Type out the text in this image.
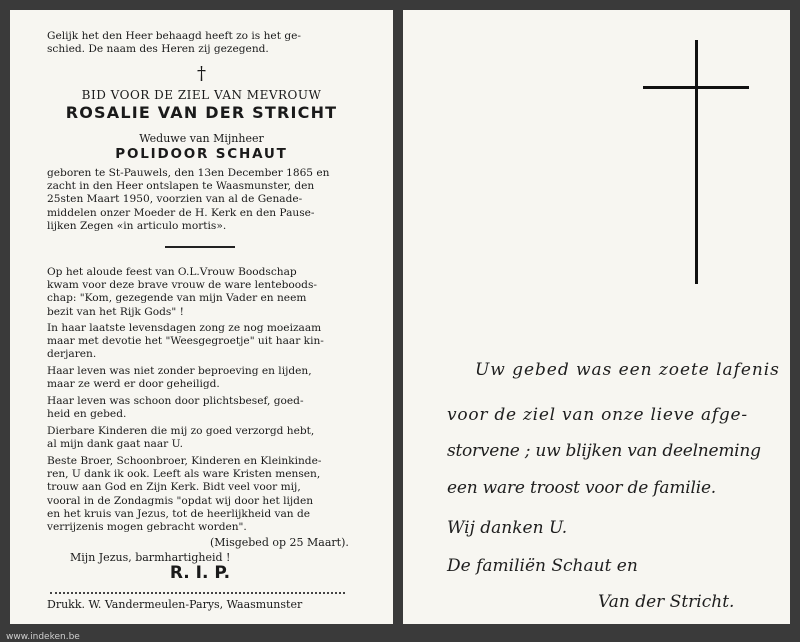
Gelijk het den Heer behaagd heeft zo is het ge-
schied. De naam des Heren zij gezegend.
†
BID VOOR DE ZIEL VAN MEVROUW
ROSALIE VAN DER STRICHT
Weduwe van Mijnheer
POLIDOOR SCHAUT
geboren te St-Pauwels, den 13en December 1865 en
zacht in den Heer ontslapen te Waasmunster, den
25sten Maart 1950, voorzien van al de Genade-
middelen onzer Moeder de H. Kerk en den Pause-
lijken Zegen «in articulo mortis».
Op het aloude feest van O.L.Vrouw Boodschap
kwam voor deze brave vrouw de ware lenteboods-
chap: "Kom, gezegende van mijn Vader en neem
bezit van het Rijk Gods" !
In haar laatste levensdagen zong ze nog moeizaam
maar met devotie het "Weesgegroetje" uit haar kin-
derjaren.
Haar leven was niet zonder beproeving en lijden,
maar ze werd er door geheiligd.
Haar leven was schoon door plichtsbesef, goed-
heid en gebed.
Dierbare Kinderen die mij zo goed verzorgd hebt,
al mijn dank gaat naar U.
Beste Broer, Schoonbroer, Kinderen en Kleinkinde-
ren, U dank ik ook. Leeft als ware Kristen mensen,
trouw aan God en Zijn Kerk. Bidt veel voor mij,
vooral in de Zondagmis "opdat wij door het lijden
en het kruis van Jezus, tot de heerlijkheid van de
verrijzenis mogen gebracht worden".
(Misgebed op 25 Maart).
Mijn Jezus, barmhartigheid !
R. I. P.
Drukk. W. Vandermeulen-Parys, Waasmunster
Uw gebed was een zoete lafenis
voor de ziel van onze lieve afge-
storvene ; uw blijken van deelneming
een ware troost voor de familie.
Wij danken U.
De familiën Schaut en
Van der Stricht.
www.indeken.be
